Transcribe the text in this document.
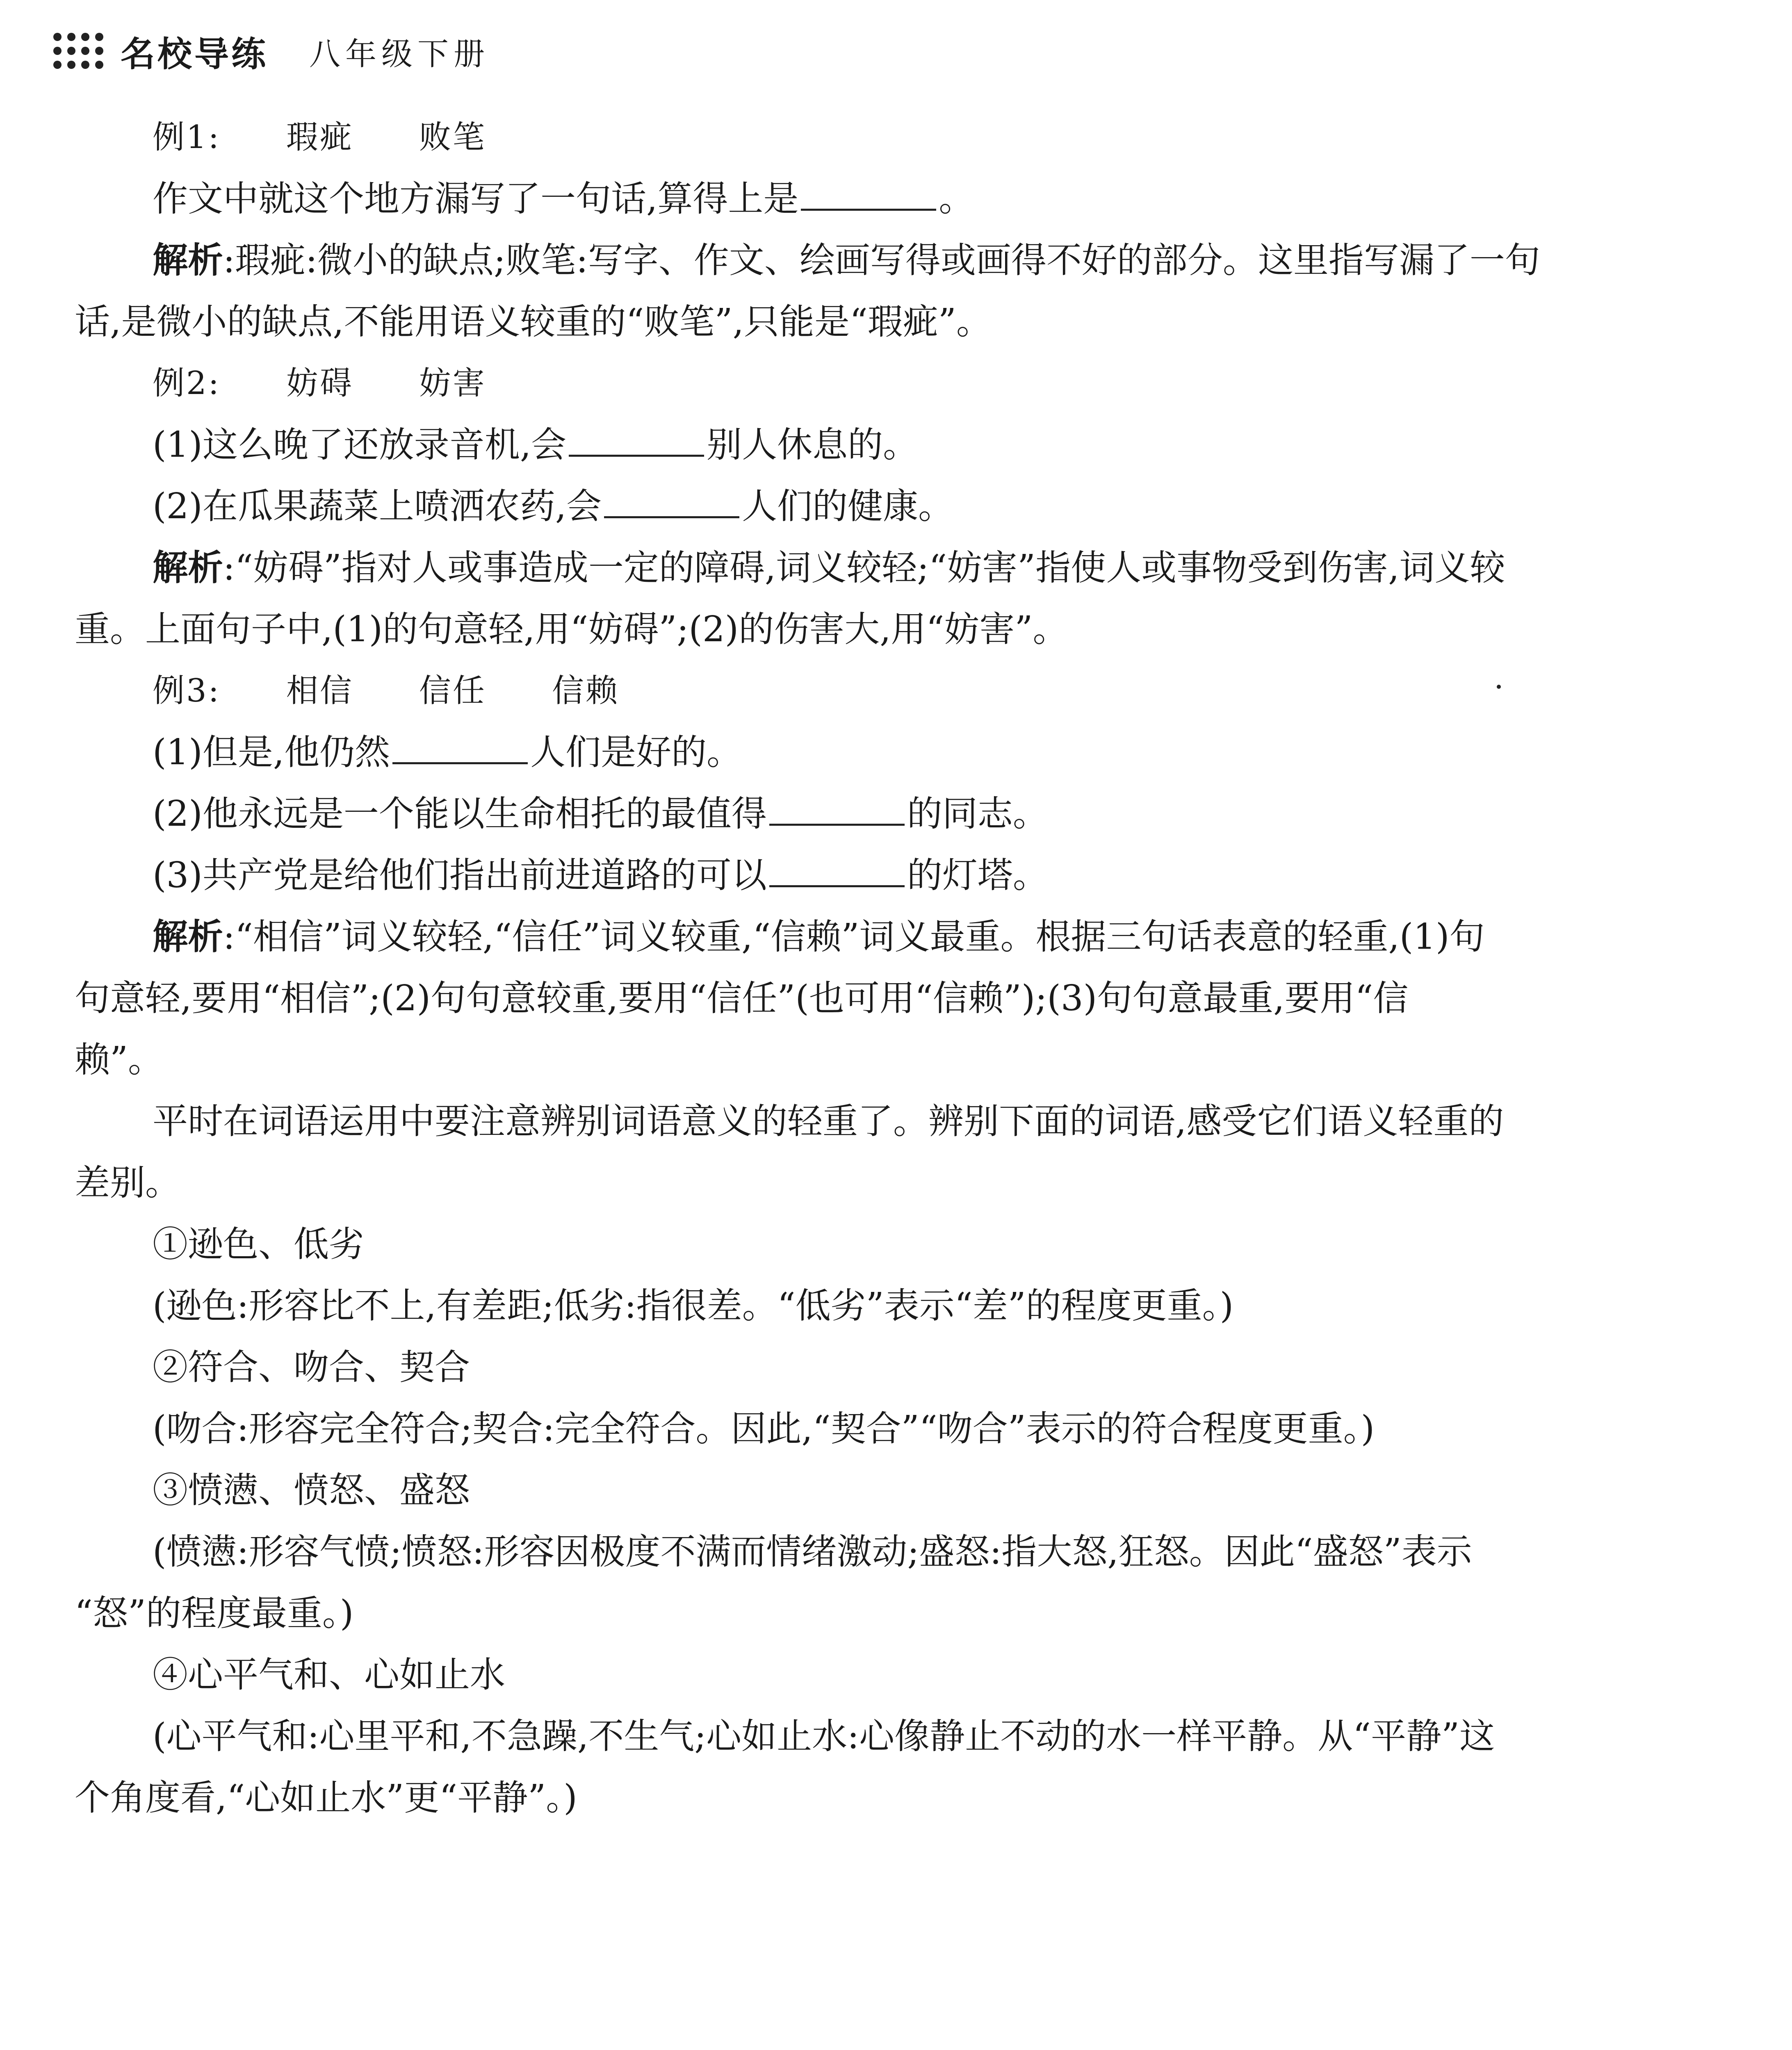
名校导练 八年级下册
例1: 瑕疵 败笔
作文中就这个地方漏写了一句话,算得上是	。
解析:瑕疵:微小的缺点;败笔:写字、作文、绘画写得或画得不好的部分。这里指写漏了一句
话,是微小的缺点,不能用语义较重的“败笔”,只能是“瑕疵”。
例2: 妨碍 妨害
(1)这么晚了还放录音机,会	别人休息的。
(2)在瓜果蔬菜上喷洒农药,会	人们的健康。
解析:“妨碍”指对人或事造成一定的障碍,词义较轻;“妨害”指使人或事物受到伤害,词义较
重。上面句子中,(1)的句意轻,用“妨碍”;(2)的伤害大,用“妨害”。
例3: 相信 信任 信赖
(1)但是,他仍然	人们是好的。
(2)他永远是一个能以生命相托的最值得	的同志。
(3)共产党是给他们指出前进道路的可以	的灯塔。
解析:“相信”词义较轻,“信任”词义较重,“信赖”词义最重。根据三句话表意的轻重,(1)句
句意轻,要用“相信”;(2)句句意较重,要用“信任”(也可用“信赖”);(3)句句意最重,要用“信
赖”。
平时在词语运用中要注意辨别词语意义的轻重了。辨别下面的词语,感受它们语义轻重的
差别。
①逊色、低劣
(逊色:形容比不上,有差距;低劣:指很差。“低劣”表示“差”的程度更重。)
②符合、吻合、契合
(吻合:形容完全符合;契合:完全符合。因此,“契合”“吻合”表示的符合程度更重。)
③愤懑、愤怒、盛怒
(愤懑:形容气愤;愤怒:形容因极度不满而情绪激动;盛怒:指大怒,狂怒。因此“盛怒”表示
“怒”的程度最重。)
④心平气和、心如止水
(心平气和:心里平和,不急躁,不生气;心如止水:心像静止不动的水一样平静。从“平静”这
个角度看,“心如止水”更“平静”。)
